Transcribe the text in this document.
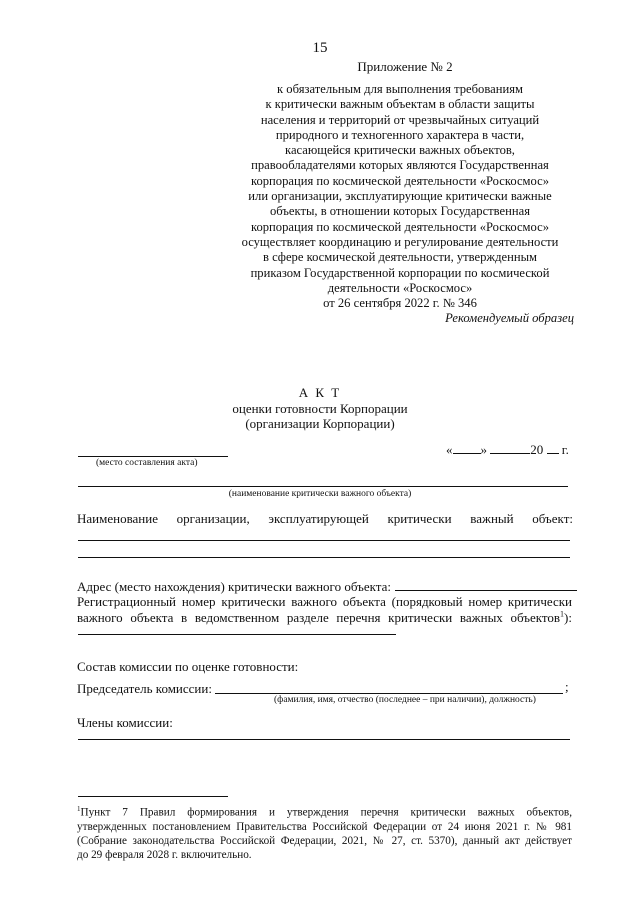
15
Приложение № 2
к обязательным для выполнения требованиям
к критически важным объектам в области защиты
населения и территорий от чрезвычайных ситуаций
природного и техногенного характера в части,
касающейся критически важных объектов,
правообладателями которых являются Государственная
корпорация по космической деятельности «Роскосмос»
или организации, эксплуатирующие критически важные
объекты, в отношении которых Государственная
корпорация по космической деятельности «Роскосмос»
осуществляет координацию и регулирование деятельности
в сфере космической деятельности, утвержденным
приказом Государственной корпорации по космической
деятельности «Роскосмос»
от 26 сентября 2022 г. № 346
Рекомендуемый образец
А К Т
оценки готовности Корпорации
(организации Корпорации)
« »	20 г.
(место составления акта)
(наименование критически важного объекта)
Наименование организации, эксплуатирующей критически важный объект:
Адрес (место нахождения) критически важного объекта:
Регистрационный номер критически важного объекта (порядковый номер критически
важного объекта в ведомственном разделе перечня критически важных объектов$^1$):
Состав комиссии по оценке готовности:
Председатель комиссии:	;
(фамилия, имя, отчество (последнее – при наличии), должность)
Члены комиссии:
$^1$Пункт 7 Правил формирования и утверждения перечня критически важных объектов,
утвержденных постановлением Правительства Российской Федерации от 24 июня 2021 г. № 981
(Собрание законодательства Российской Федерации, 2021, № 27, ст. 5370), данный акт действует
до 29 февраля 2028 г. включительно.
